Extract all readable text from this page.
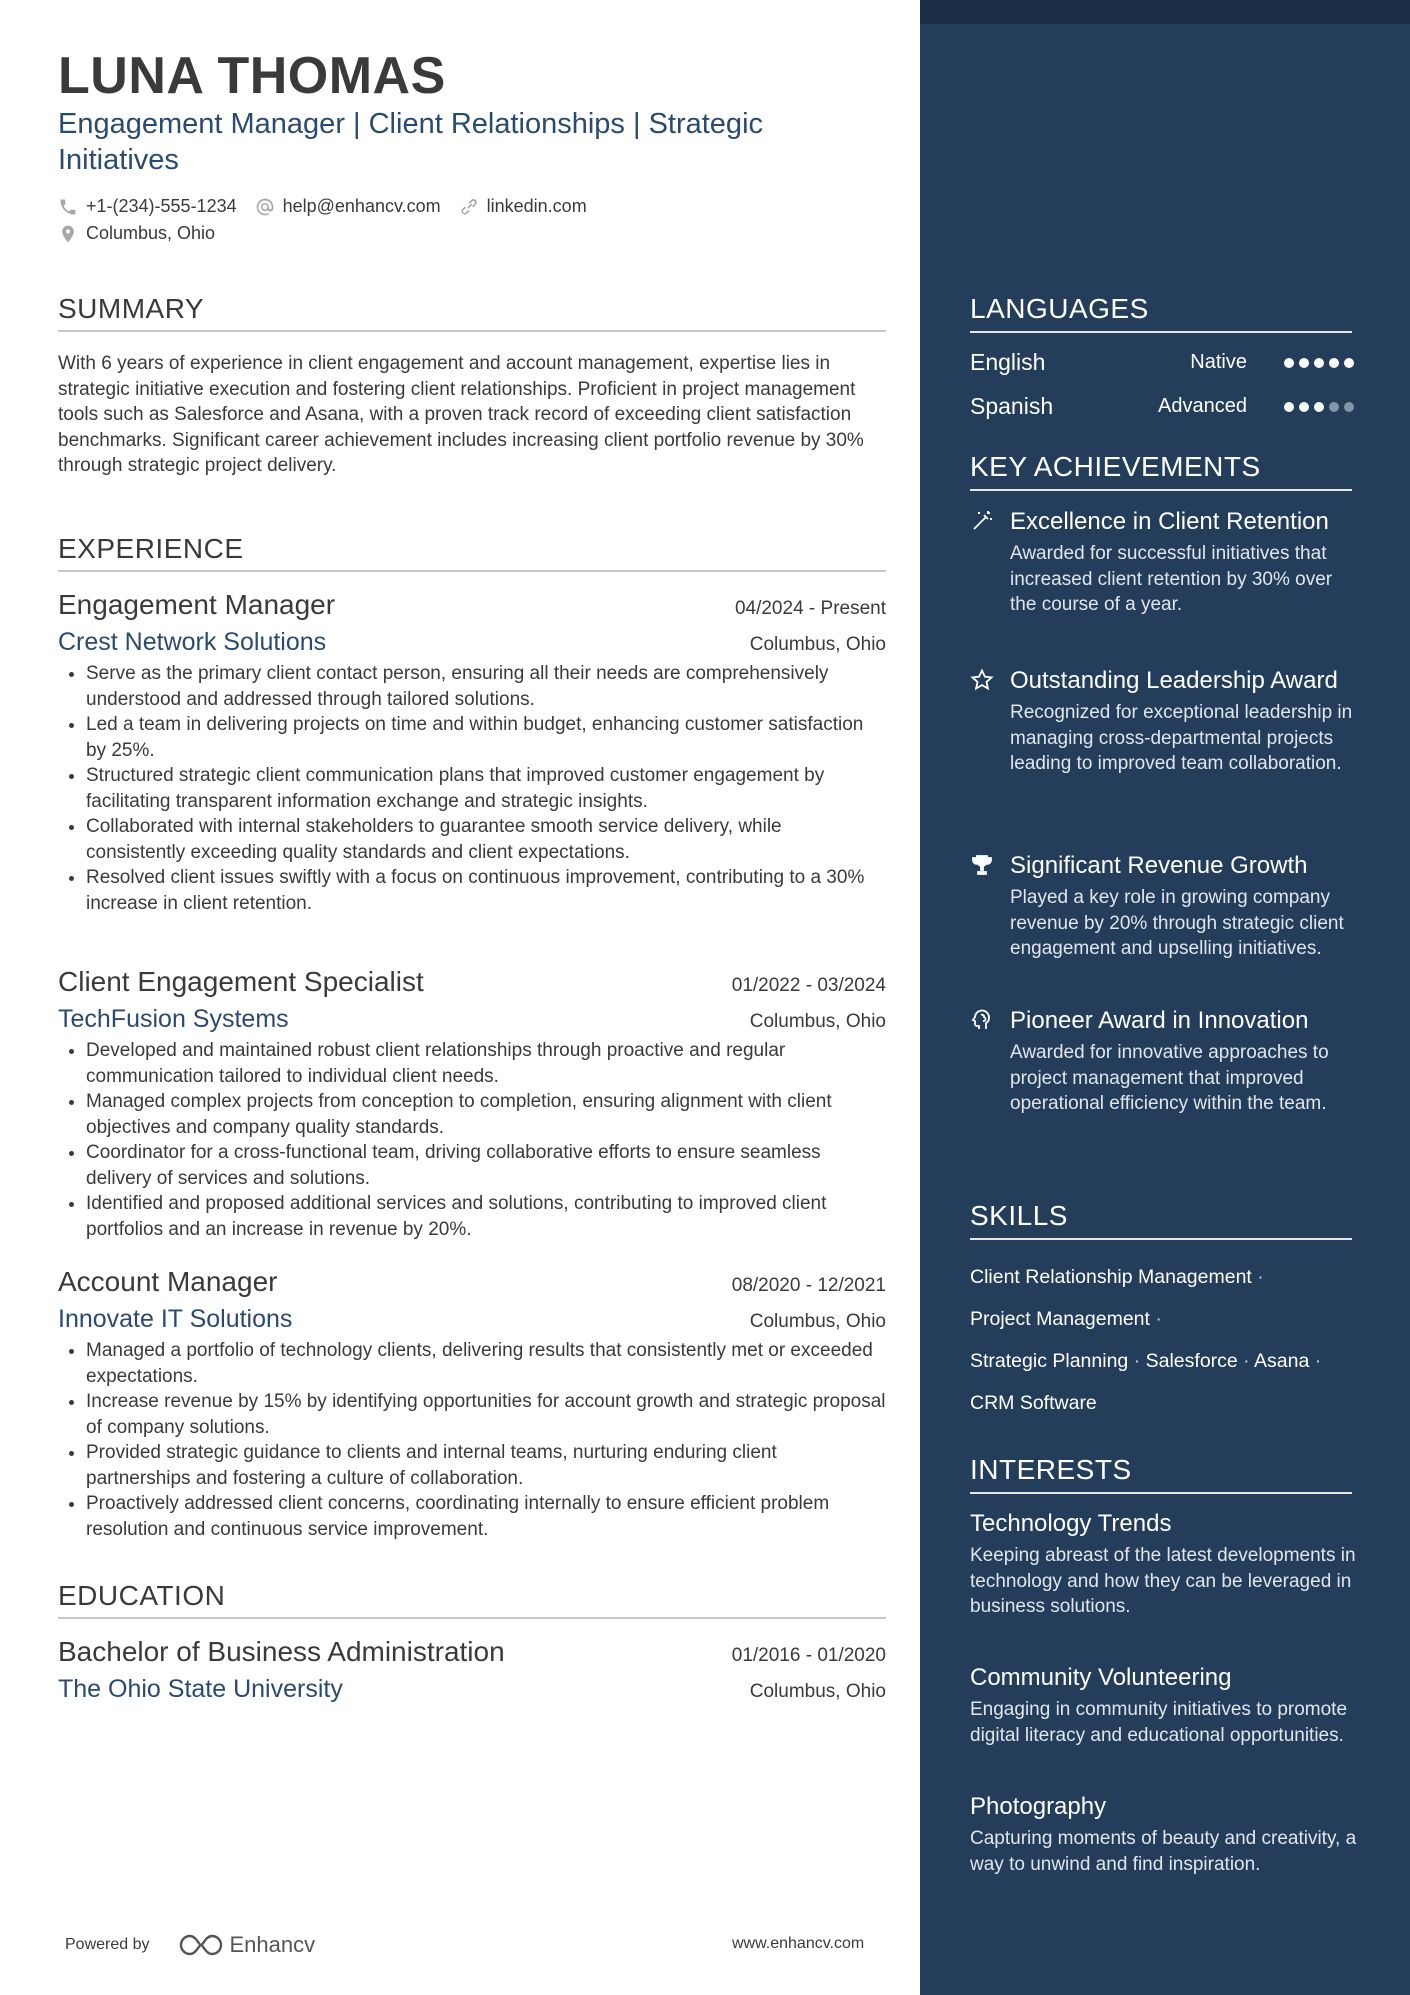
LUNA THOMAS
Engagement Manager | Client Relationships | Strategic Initiatives
+1-(234)-555-1234	help@enhancv.com	linkedin.com
Columbus, Ohio
SUMMARY
With 6 years of experience in client engagement and account management, expertise lies in strategic initiative execution and fostering client relationships. Proficient in project management tools such as Salesforce and Asana, with a proven track record of exceeding client satisfaction benchmarks. Significant career achievement includes increasing client portfolio revenue by 30% through strategic project delivery.
EXPERIENCE
Engagement Manager	04/2024 - Present
Crest Network Solutions	Columbus, Ohio
• Serve as the primary client contact person, ensuring all their needs are comprehensively understood and addressed through tailored solutions.
• Led a team in delivering projects on time and within budget, enhancing customer satisfaction by 25%.
• Structured strategic client communication plans that improved customer engagement by facilitating transparent information exchange and strategic insights.
• Collaborated with internal stakeholders to guarantee smooth service delivery, while consistently exceeding quality standards and client expectations.
• Resolved client issues swiftly with a focus on continuous improvement, contributing to a 30% increase in client retention.
Client Engagement Specialist	01/2022 - 03/2024
TechFusion Systems	Columbus, Ohio
• Developed and maintained robust client relationships through proactive and regular communication tailored to individual client needs.
• Managed complex projects from conception to completion, ensuring alignment with client objectives and company quality standards.
• Coordinator for a cross-functional team, driving collaborative efforts to ensure seamless delivery of services and solutions.
• Identified and proposed additional services and solutions, contributing to improved client portfolios and an increase in revenue by 20%.
Account Manager	08/2020 - 12/2021
Innovate IT Solutions	Columbus, Ohio
• Managed a portfolio of technology clients, delivering results that consistently met or exceeded expectations.
• Increase revenue by 15% by identifying opportunities for account growth and strategic proposal of company solutions.
• Provided strategic guidance to clients and internal teams, nurturing enduring client partnerships and fostering a culture of collaboration.
• Proactively addressed client concerns, coordinating internally to ensure efficient problem resolution and continuous service improvement.
EDUCATION
Bachelor of Business Administration	01/2016 - 01/2020
The Ohio State University	Columbus, Ohio
Powered by	Enhancv	www.enhancv.com
LANGUAGES
English	Native
Spanish	Advanced
KEY ACHIEVEMENTS
Excellence in Client Retention
Awarded for successful initiatives that increased client retention by 30% over the course of a year.
Outstanding Leadership Award
Recognized for exceptional leadership in managing cross-departmental projects leading to improved team collaboration.
Significant Revenue Growth
Played a key role in growing company revenue by 20% through strategic client engagement and upselling initiatives.
Pioneer Award in Innovation
Awarded for innovative approaches to project management that improved operational efficiency within the team.
SKILLS
Client Relationship Management ·
Project Management ·
Strategic Planning · Salesforce · Asana ·
CRM Software
INTERESTS
Technology Trends
Keeping abreast of the latest developments in technology and how they can be leveraged in business solutions.
Community Volunteering
Engaging in community initiatives to promote digital literacy and educational opportunities.
Photography
Capturing moments of beauty and creativity, a way to unwind and find inspiration.
